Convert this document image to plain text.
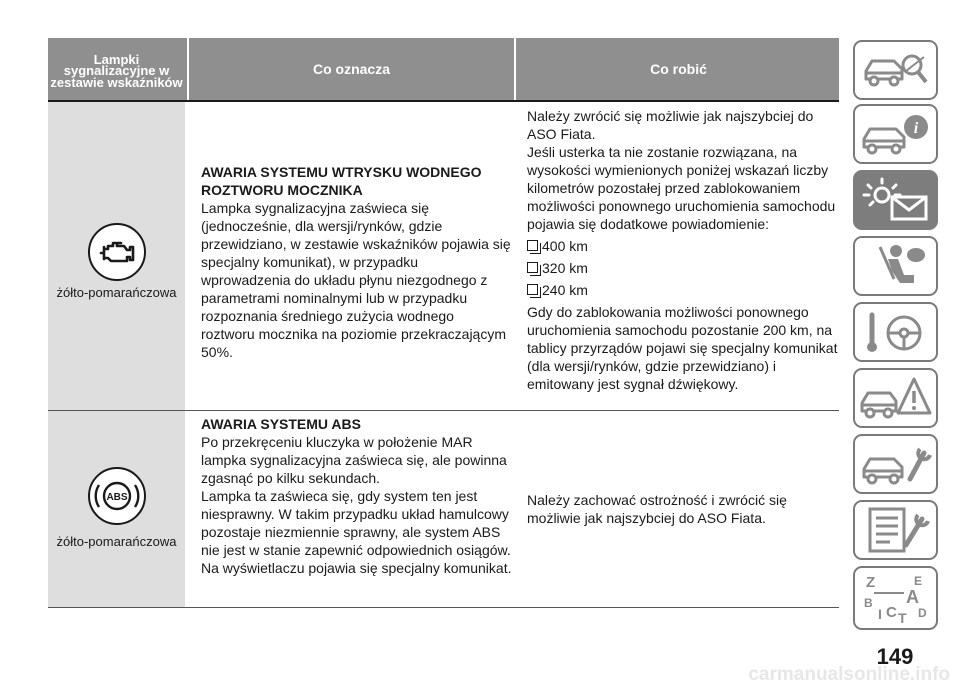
Lampki sygnalizacyjne w zestawie wskaźników
Co oznacza	Co robić
żółto-pomarańczowa

AWARIA SYSTEMU WTRYSKU WODNEGO ROZTWORU MOCZNIKA

Lampka sygnalizacyjna zaświeca się (jednocześnie, dla wersji/rynków, gdzie przewidziano, w zestawie wskaźników pojawia się specjalny komunikat), w przypadku wprowadzenia do układu płynu niezgodnego z parametrami nominalnymi lub w przypadku rozpoznania średniego zużycia wodnego roztworu mocznika na poziomie przekraczającym 50%.

Należy zwrócić się możliwie jak najszybciej do ASO Fiata.

Jeśli usterka ta nie zostanie rozwiązana, na wysokości wymienionych poniżej wskazań liczby kilometrów pozostałej przed zablokowaniem możliwości ponownego uruchomienia samochodu pojawia się dodatkowe powiadomienie:

400 km

320 km

240 km

Gdy do zablokowania możliwości ponownego uruchomienia samochodu pozostanie 200 km, na tablicy przyrządów pojawi się specjalny komunikat (dla wersji/rynków, gdzie przewidziano) i emitowany jest sygnał dźwiękowy.

ABS
żółto-pomarańczowa

AWARIA SYSTEMU ABS

Po przekręceniu kluczyka w położenie MAR lampka sygnalizacyjna zaświeca się, ale powinna zgasnąć po kilku sekundach.

Lampka ta zaświeca się, gdy system ten jest niesprawny. W takim przypadku układ hamulcowy pozostaje niezmiennie sprawny, ale system ABS nie jest w stanie zapewnić odpowiednich osiągów. Na wyświetlaczu pojawia się specjalny komunikat.

Należy zachować ostrożność i zwrócić się możliwie jak najszybciej do ASO Fiata.
i
Z	E
B A
I C T D
149
carmanualsonline.info
